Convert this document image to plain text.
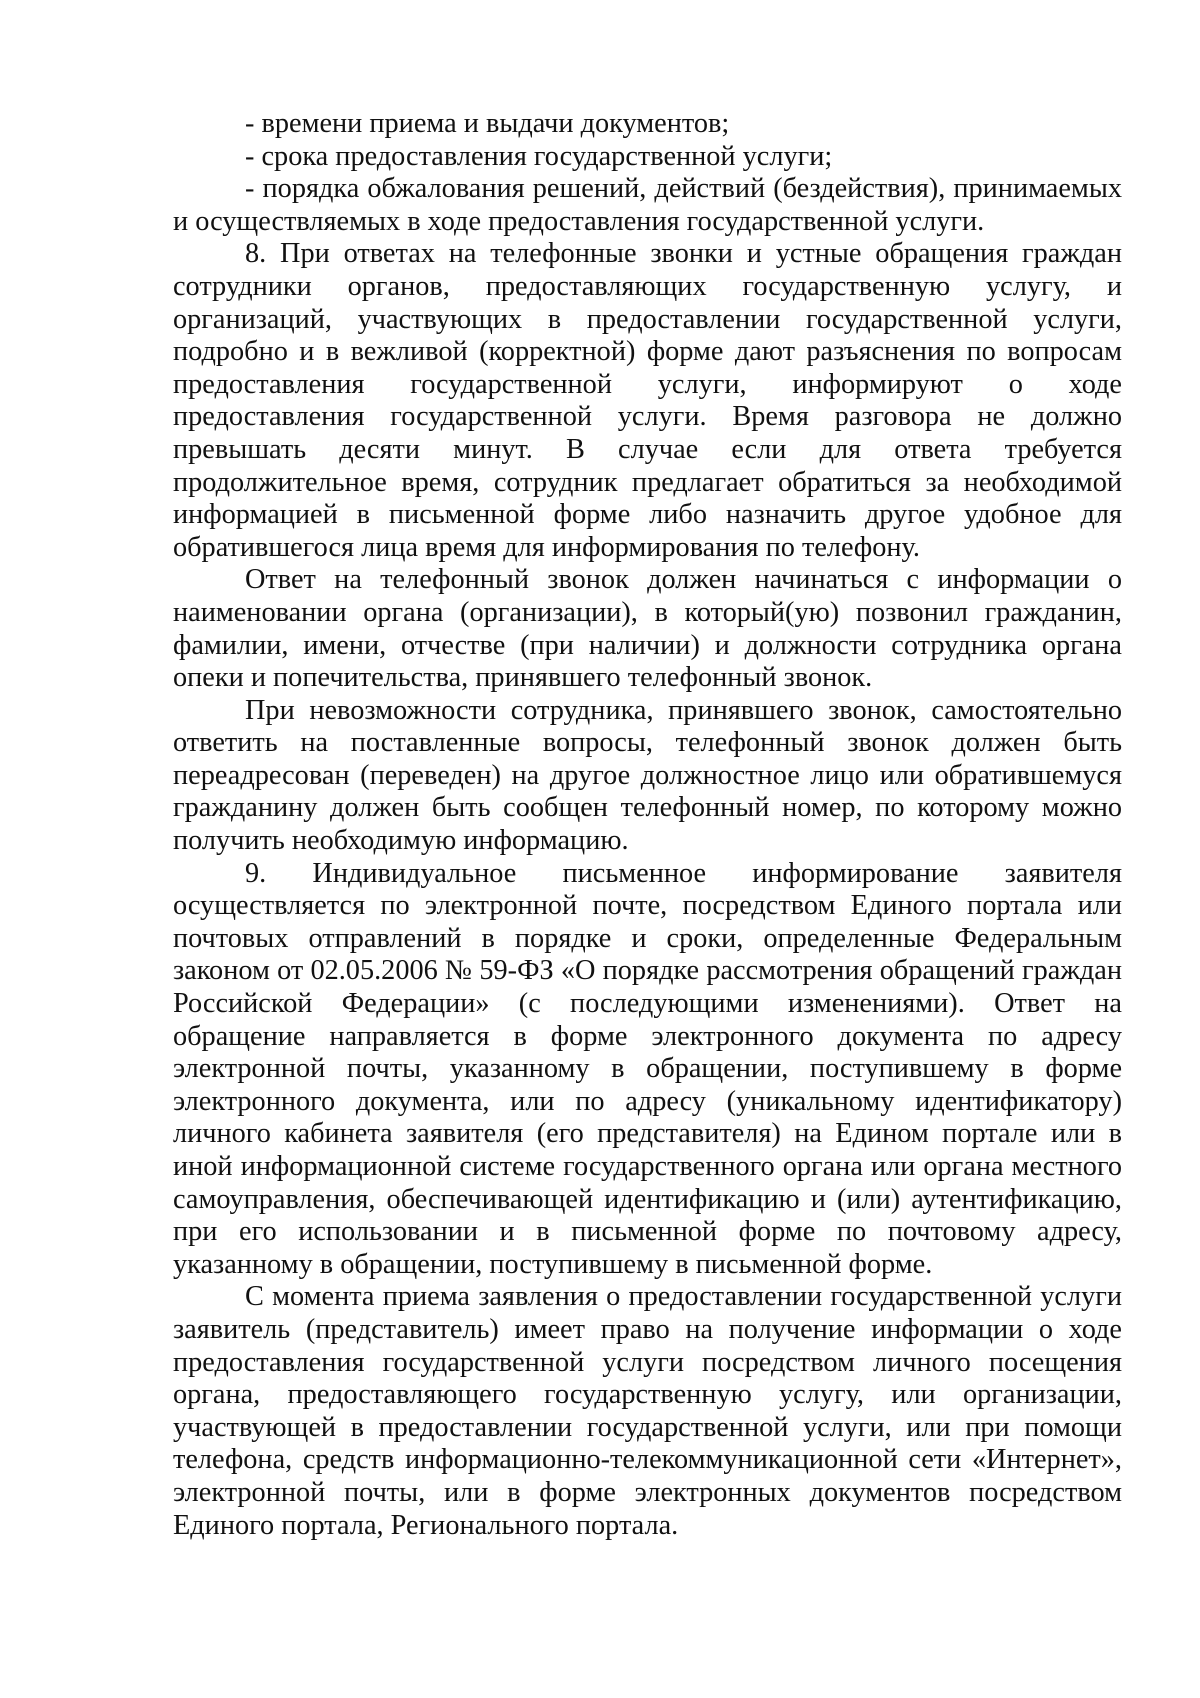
- времени приема и выдачи документов;

- срока предоставления государственной услуги;

- порядка обжалования решений, действий (бездействия), принимаемых и осуществляемых в ходе предоставления государственной услуги.

8. При ответах на телефонные звонки и устные обращения граждан сотрудники органов, предоставляющих государственную услугу, и организаций, участвующих в предоставлении государственной услуги, подробно и в вежливой (корректной) форме дают разъяснения по вопросам предоставления государственной услуги, информируют о ходе предоставления государственной услуги. Время разговора не должно превышать десяти минут. В случае если для ответа требуется продолжительное время, сотрудник предлагает обратиться за необходимой информацией в письменной форме либо назначить другое удобное для обратившегося лица время для информирования по телефону.

Ответ на телефонный звонок должен начинаться с информации о наименовании органа (организации), в который(ую) позвонил гражданин, фамилии, имени, отчестве (при наличии) и должности сотрудника органа опеки и попечительства, принявшего телефонный звонок.

При невозможности сотрудника, принявшего звонок, самостоятельно ответить на поставленные вопросы, телефонный звонок должен быть переадресован (переведен) на другое должностное лицо или обратившемуся гражданину должен быть сообщен телефонный номер, по которому можно получить необходимую информацию.

9. Индивидуальное письменное информирование заявителя осуществляется по электронной почте, посредством Единого портала или почтовых отправлений в порядке и сроки, определенные Федеральным законом от 02.05.2006 № 59-ФЗ «О порядке рассмотрения обращений граждан Российской Федерации» (с последующими изменениями). Ответ на обращение направляется в форме электронного документа по адресу электронной почты, указанному в обращении, поступившему в форме электронного документа, или по адресу (уникальному идентификатору) личного кабинета заявителя (его представителя) на Едином портале или в иной информационной системе государственного органа или органа местного самоуправления, обеспечивающей идентификацию и (или) аутентификацию, при его использовании и в письменной форме по почтовому адресу, указанному в обращении, поступившему в письменной форме.

С момента приема заявления о предоставлении государственной услуги заявитель (представитель) имеет право на получение информации о ходе предоставления государственной услуги посредством личного посещения органа, предоставляющего государственную услугу, или организации, участвующей в предоставлении государственной услуги, или при помощи телефона, средств информационно-телекоммуникационной сети «Интернет», электронной почты, или в форме электронных документов посредством Единого портала, Регионального портала.
